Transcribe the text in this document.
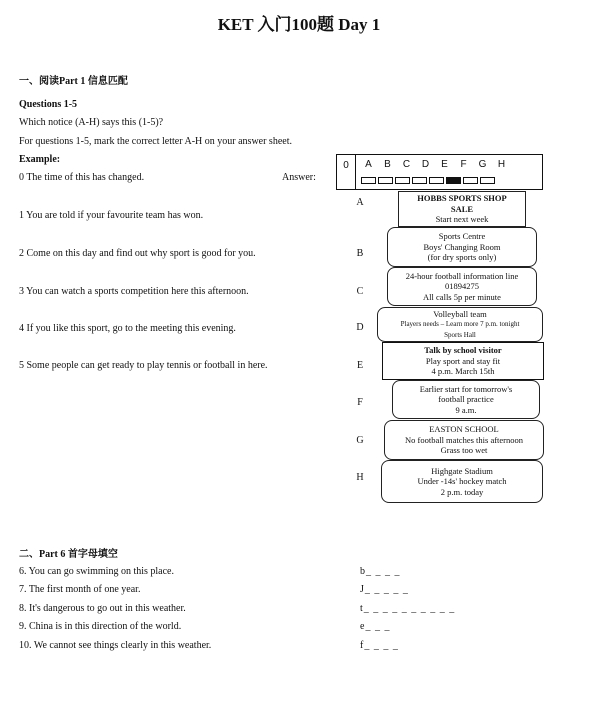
KET 入门100题 Day 1
一、阅读Part 1 信息匹配
Questions 1-5
Which notice (A-H) says this (1-5)?
For questions 1-5, mark the correct letter A-H on your answer sheet.
Example:
0 The time of this has changed.	Answer:
0	A B C D E F G H
1 You are told if your favourite team has won.
2 Come on this day and find out why sport is good for you.
3 You can watch a sports competition here this afternoon.
4 If you like this sport, go to the meeting this evening.
5 Some people can get ready to play tennis or football in here.
A	HOBBS SPORTS SHOP
SALE
Start next week
B
Sports Centre
Boys' Changing Room
(for dry sports only)
C
24-hour football information line
01894275
All calls 5p per minute
D
Volleyball team
Players needs – Learn more 7 p.m. tonight
Sports Hall
E
Talk by school visitor
Play sport and stay fit
4 p.m. March 15th
F
Earlier start for tomorrow's
football practice
9 a.m.
G
EASTON SCHOOL
No football matches this afternoon
Grass too wet
H
Highgate Stadium
Under -14s' hockey match
2 p.m. today
二、Part 6 首字母填空
6. You can go swimming on this place.	b_ _ _ _
7. The first month of one year.	J_ _ _ _ _
8. It's dangerous to go out in this weather.	t_ _ _ _ _ _ _ _ _ _
9. China is in this direction of the world.	e_ _ _
10. We cannot see things clearly in this weather.	f_ _ _ _
